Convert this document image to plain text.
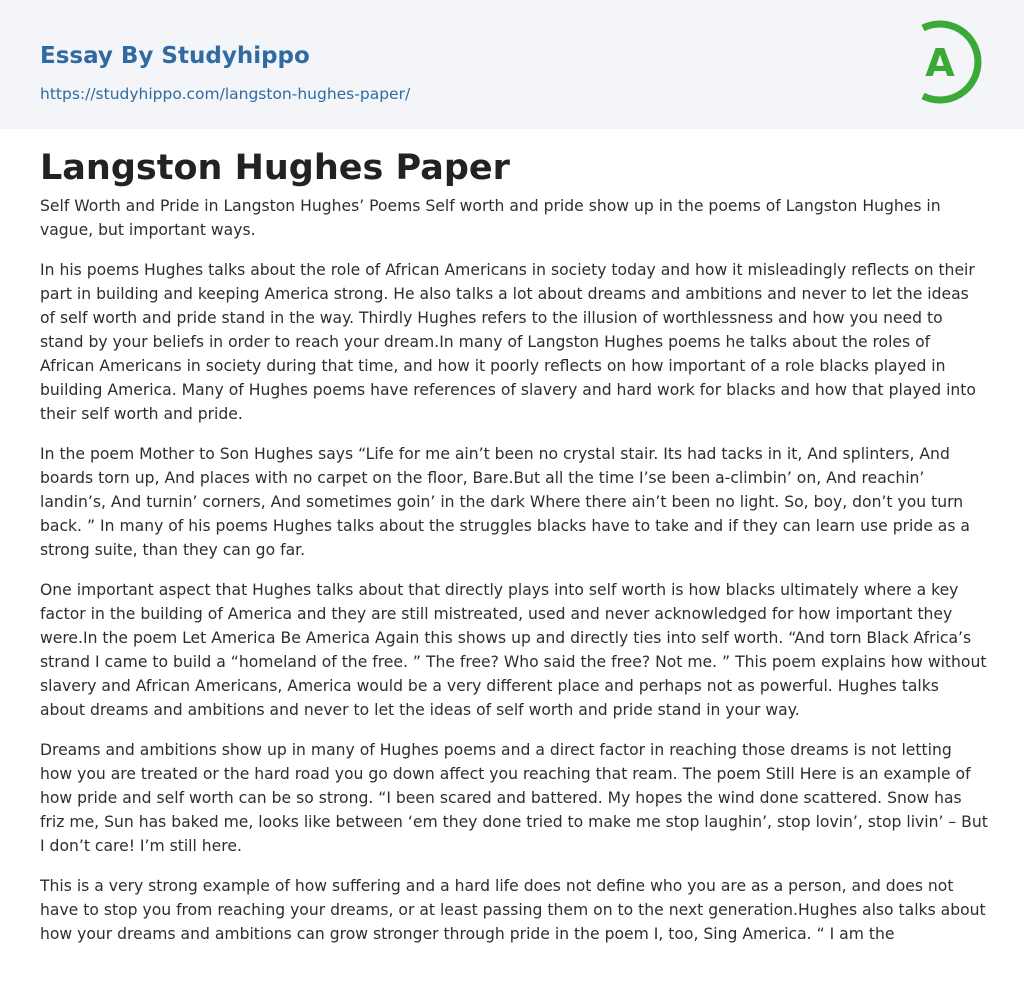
Essay By Studyhippo
https://studyhippo.com/langston-hughes-paper/
A
Langston Hughes Paper

Self Worth and Pride in Langston Hughes’ Poems Self worth and pride show up in the poems of Langston Hughes in vague, but important ways.

In his poems Hughes talks about the role of African Americans in society today and how it misleadingly reflects on their part in building and keeping America strong. He also talks a lot about dreams and ambitions and never to let the ideas of self worth and pride stand in the way. Thirdly Hughes refers to the illusion of worthlessness and how you need to stand by your beliefs in order to reach your dream.In many of Langston Hughes poems he talks about the roles of African Americans in society during that time, and how it poorly reflects on how important of a role blacks played in building America. Many of Hughes poems have references of slavery and hard work for blacks and how that played into their self worth and pride.

In the poem Mother to Son Hughes says “Life for me ain’t been no crystal stair. Its had tacks in it, And splinters, And boards torn up, And places with no carpet on the floor, Bare.But all the time I’se been a-climbin’ on, And reachin’ landin’s, And turnin’ corners, And sometimes goin’ in the dark Where there ain’t been no light. So, boy, don’t you turn back. ” In many of his poems Hughes talks about the struggles blacks have to take and if they can learn use pride as a strong suite, than they can go far.

One important aspect that Hughes talks about that directly plays into self worth is how blacks ultimately where a key factor in the building of America and they are still mistreated, used and never acknowledged for how important they were.In the poem Let America Be America Again this shows up and directly ties into self worth. “And torn Black Africa’s strand I came to build a “homeland of the free. ” The free? Who said the free? Not me. ” This poem explains how without slavery and African Americans, America would be a very different place and perhaps not as powerful. Hughes talks about dreams and ambitions and never to let the ideas of self worth and pride stand in your way.

Dreams and ambitions show up in many of Hughes poems and a direct factor in reaching those dreams is not letting how you are treated or the hard road you go down affect you reaching that ream. The poem Still Here is an example of how pride and self worth can be so strong. “I been scared and battered. My hopes the wind done scattered. Snow has friz me, Sun has baked me, looks like between ‘em they done tried to make me stop laughin’, stop lovin’, stop livin’ – But I don’t care! I’m still here.

This is a very strong example of how suffering and a hard life does not define who you are as a person, and does not have to stop you from reaching your dreams, or at least passing them on to the next generation.Hughes also talks about how your dreams and ambitions can grow stronger through pride in the poem I, too, Sing America. “ I am the
